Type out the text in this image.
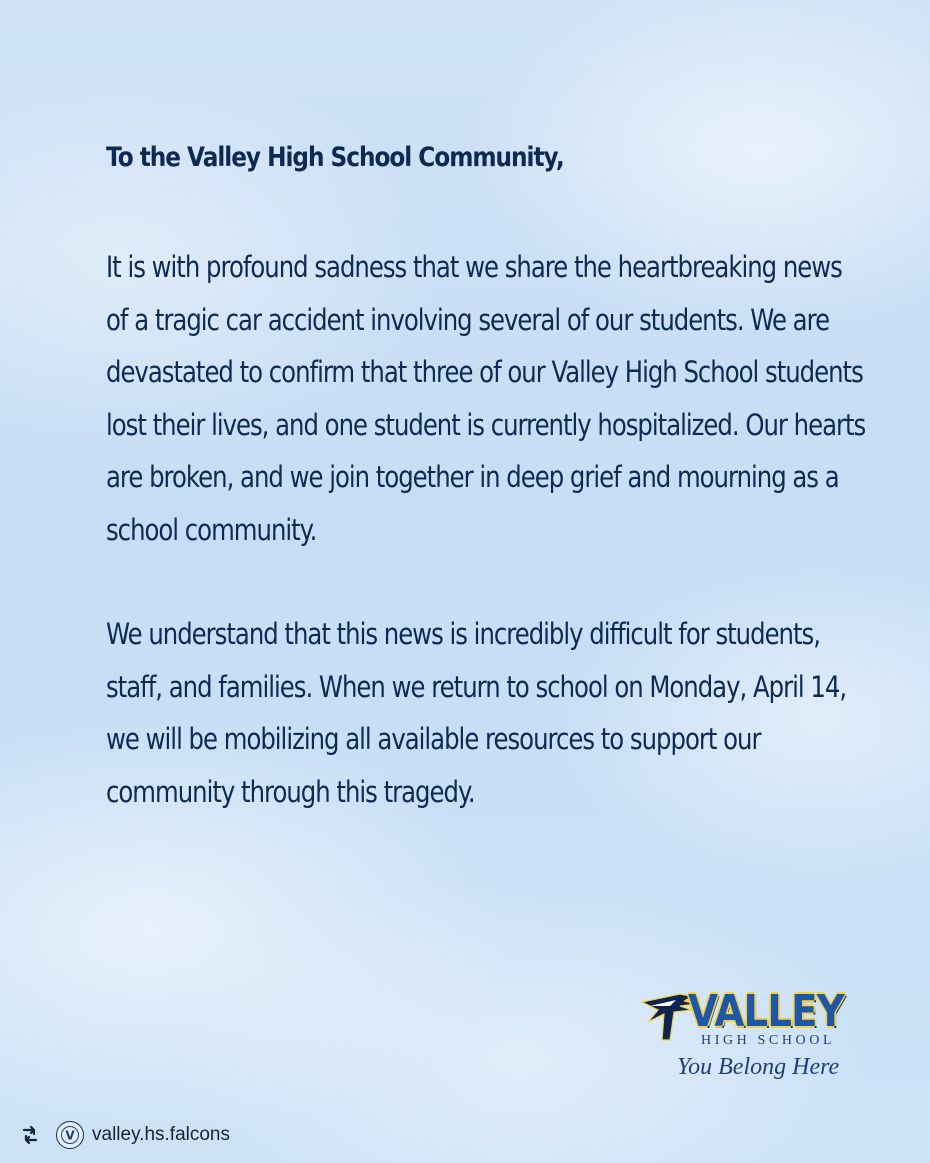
To the Valley High School Community,

It is with profound sadness that we share the heartbreaking news of a tragic car accident involving several of our students. We are devastated to confirm that three of our Valley High School students lost their lives, and one student is currently hospitalized. Our hearts are broken, and we join together in deep grief and mourning as a school community.

We understand that this news is incredibly difficult for students, staff, and families. When we return to school on Monday, April 14, we will be mobilizing all available resources to support our community through this tragedy.

VALLEY
HIGH SCHOOL
You Belong Here
V valley.hs.falcons
